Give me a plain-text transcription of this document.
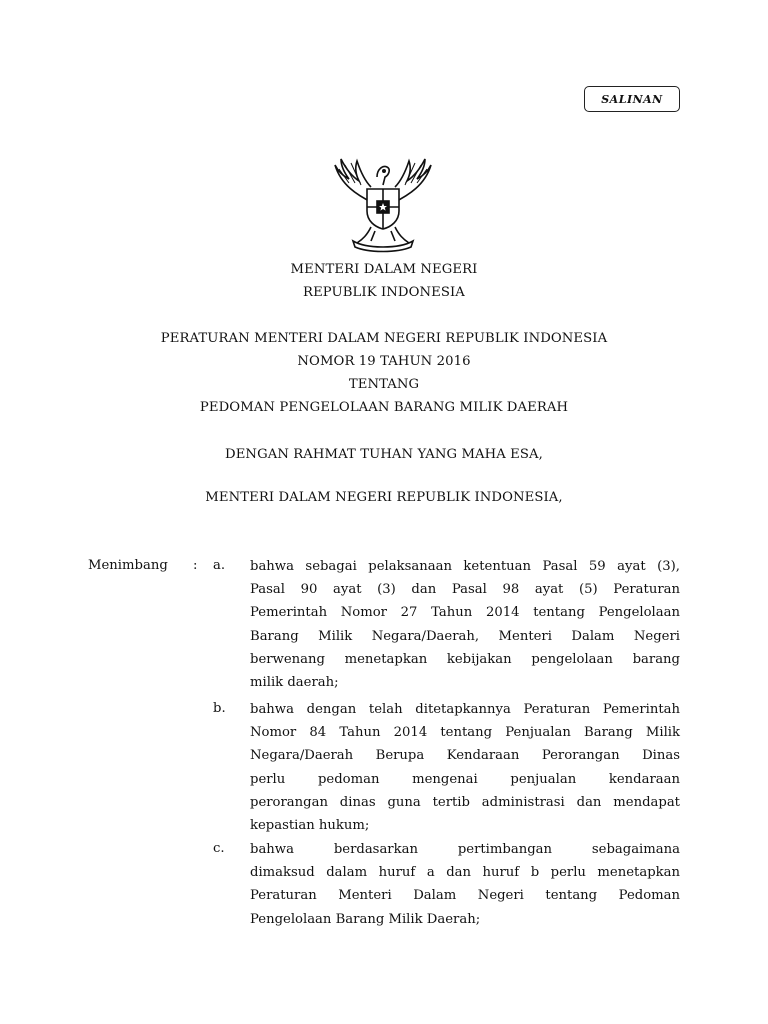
SALINAN
MENTERI DALAM NEGERI
REPUBLIK INDONESIA
PERATURAN MENTERI DALAM NEGERI REPUBLIK INDONESIA
NOMOR 19 TAHUN 2016
TENTANG
PEDOMAN PENGELOLAAN BARANG MILIK DAERAH
DENGAN RAHMAT TUHAN YANG MAHA ESA,
MENTERI DALAM NEGERI REPUBLIK INDONESIA,
Menimbang : a. bahwa sebagai pelaksanaan ketentuan Pasal 59 ayat (3),
Pasal 90 ayat (3) dan Pasal 98 ayat (5) Peraturan
Pemerintah Nomor 27 Tahun 2014 tentang Pengelolaan
Barang Milik Negara/Daerah, Menteri Dalam Negeri
berwenang menetapkan kebijakan pengelolaan barang
milik daerah;
b. bahwa dengan telah ditetapkannya Peraturan Pemerintah
Nomor 84 Tahun 2014 tentang Penjualan Barang Milik
Negara/Daerah Berupa Kendaraan Perorangan Dinas
perlu pedoman mengenai penjualan kendaraan
perorangan dinas guna tertib administrasi dan mendapat
kepastian hukum;
c. bahwa berdasarkan pertimbangan sebagaimana
dimaksud dalam huruf a dan huruf b perlu menetapkan
Peraturan Menteri Dalam Negeri tentang Pedoman
Pengelolaan Barang Milik Daerah;
